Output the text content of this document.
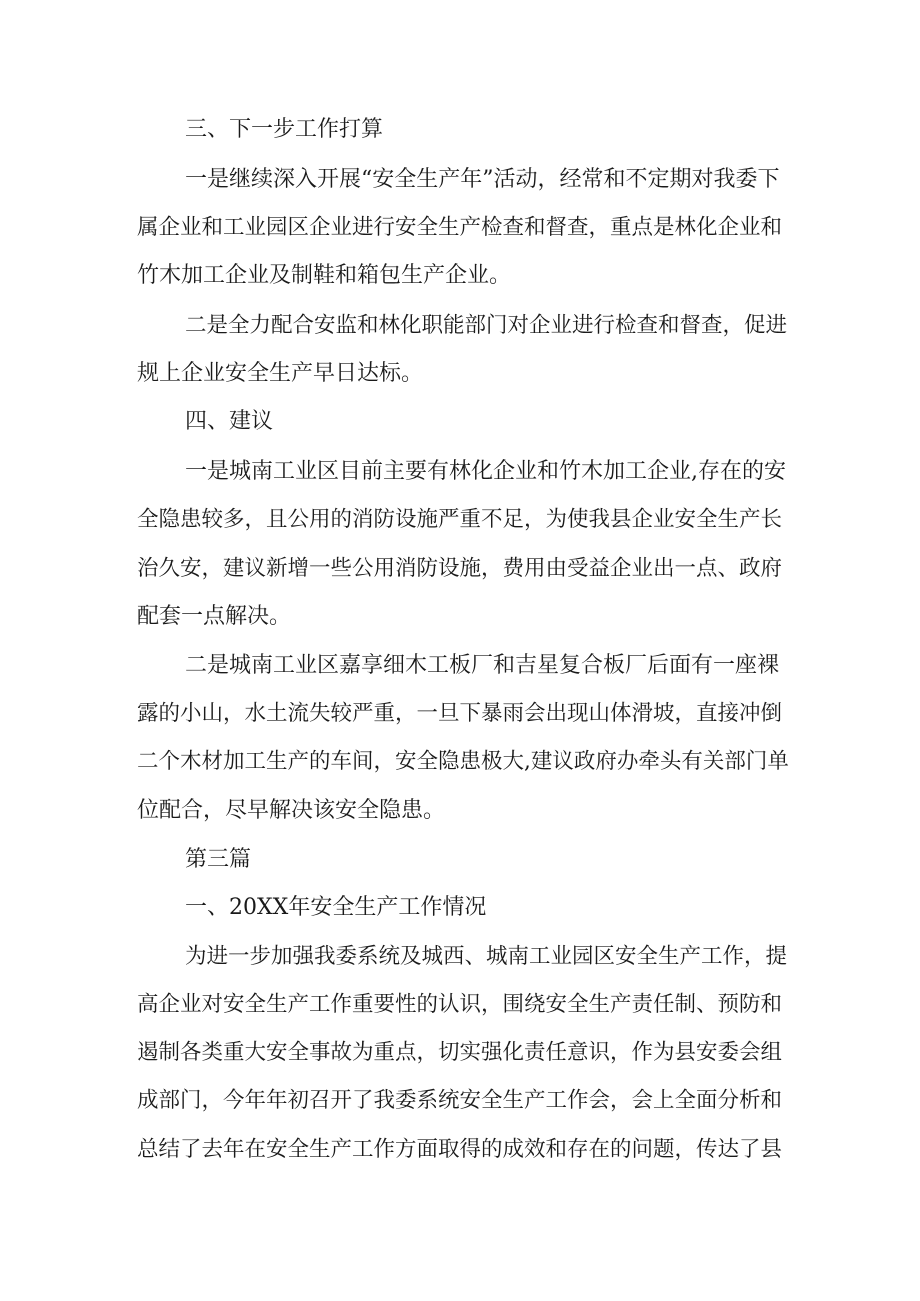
三、下一步工作打算
一是继续深入开展“安全生产年”活动，经常和不定期对我委下
属企业和工业园区企业进行安全生产检查和督查，重点是林化企业和
竹木加工企业及制鞋和箱包生产企业。
二是全力配合安监和林化职能部门对企业进行检查和督查，促进
规上企业安全生产早日达标。
四、建议
一是城南工业区目前主要有林化企业和竹木加工企业,存在的安
全隐患较多，且公用的消防设施严重不足，为使我县企业安全生产长
治久安，建议新增一些公用消防设施，费用由受益企业出一点、政府
配套一点解决。
二是城南工业区嘉享细木工板厂和吉星复合板厂后面有一座裸
露的小山，水土流失较严重，一旦下暴雨会出现山体滑坡，直接冲倒
二个木材加工生产的车间，安全隐患极大,建议政府办牵头有关部门单
位配合，尽早解决该安全隐患。
第三篇
一、20XX年安全生产工作情况
为进一步加强我委系统及城西、城南工业园区安全生产工作，提
高企业对安全生产工作重要性的认识，围绕安全生产责任制、预防和
遏制各类重大安全事故为重点，切实强化责任意识，作为县安委会组
成部门，今年年初召开了我委系统安全生产工作会，会上全面分析和
总结了去年在安全生产工作方面取得的成效和存在的问题，传达了县
